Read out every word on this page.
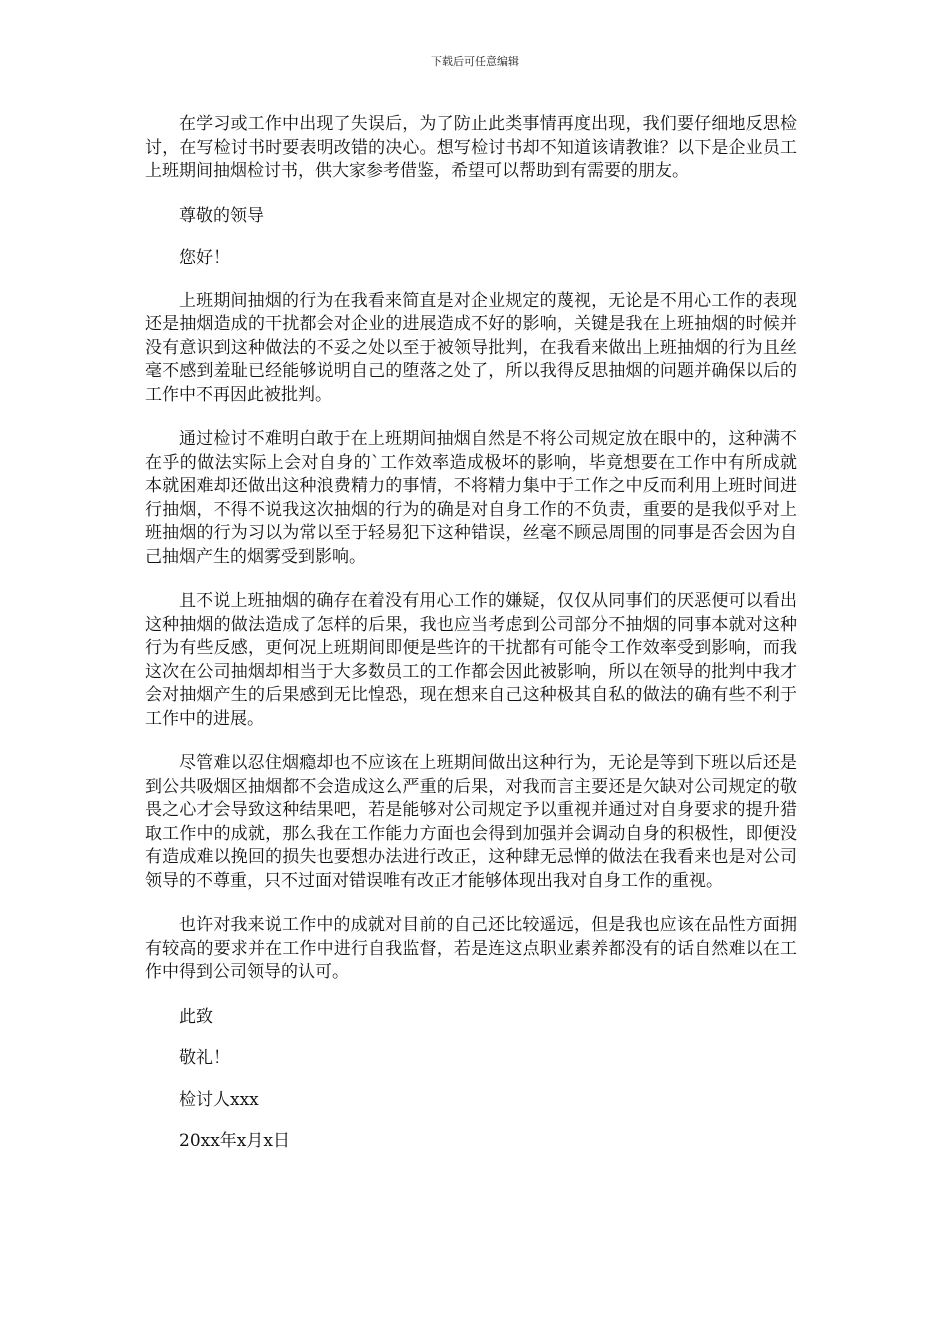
下载后可任意编辑

在学习或工作中出现了失误后，为了防止此类事情再度出现，我们要仔细地反思检讨，在写检讨书时要表明改错的决心。想写检讨书却不知道该请教谁？以下是企业员工上班期间抽烟检讨书，供大家参考借鉴，希望可以帮助到有需要的朋友。

尊敬的领导

您好！

上班期间抽烟的行为在我看来简直是对企业规定的蔑视，无论是不用心工作的表现还是抽烟造成的干扰都会对企业的进展造成不好的影响，关键是我在上班抽烟的时候并没有意识到这种做法的不妥之处以至于被领导批判，在我看来做出上班抽烟的行为且丝毫不感到羞耻已经能够说明自己的堕落之处了，所以我得反思抽烟的问题并确保以后的工作中不再因此被批判。

通过检讨不难明白敢于在上班期间抽烟自然是不将公司规定放在眼中的，这种满不在乎的做法实际上会对自身的`工作效率造成极坏的影响，毕竟想要在工作中有所成就本就困难却还做出这种浪费精力的事情，不将精力集中于工作之中反而利用上班时间进行抽烟，不得不说我这次抽烟的行为的确是对自身工作的不负责，重要的是我似乎对上班抽烟的行为习以为常以至于轻易犯下这种错误，丝毫不顾忌周围的同事是否会因为自己抽烟产生的烟雾受到影响。

且不说上班抽烟的确存在着没有用心工作的嫌疑，仅仅从同事们的厌恶便可以看出这种抽烟的做法造成了怎样的后果，我也应当考虑到公司部分不抽烟的同事本就对这种行为有些反感，更何况上班期间即便是些许的干扰都有可能令工作效率受到影响，而我这次在公司抽烟却相当于大多数员工的工作都会因此被影响，所以在领导的批判中我才会对抽烟产生的后果感到无比惶恐，现在想来自己这种极其自私的做法的确有些不利于工作中的进展。

尽管难以忍住烟瘾却也不应该在上班期间做出这种行为，无论是等到下班以后还是到公共吸烟区抽烟都不会造成这么严重的后果，对我而言主要还是欠缺对公司规定的敬畏之心才会导致这种结果吧，若是能够对公司规定予以重视并通过对自身要求的提升猎取工作中的成就，那么我在工作能力方面也会得到加强并会调动自身的积极性，即便没有造成难以挽回的损失也要想办法进行改正，这种肆无忌惮的做法在我看来也是对公司领导的不尊重，只不过面对错误唯有改正才能够体现出我对自身工作的重视。

也许对我来说工作中的成就对目前的自己还比较遥远，但是我也应该在品性方面拥有较高的要求并在工作中进行自我监督，若是连这点职业素养都没有的话自然难以在工作中得到公司领导的认可。

此致

敬礼！

检讨人xxx

20xx年x月x日
